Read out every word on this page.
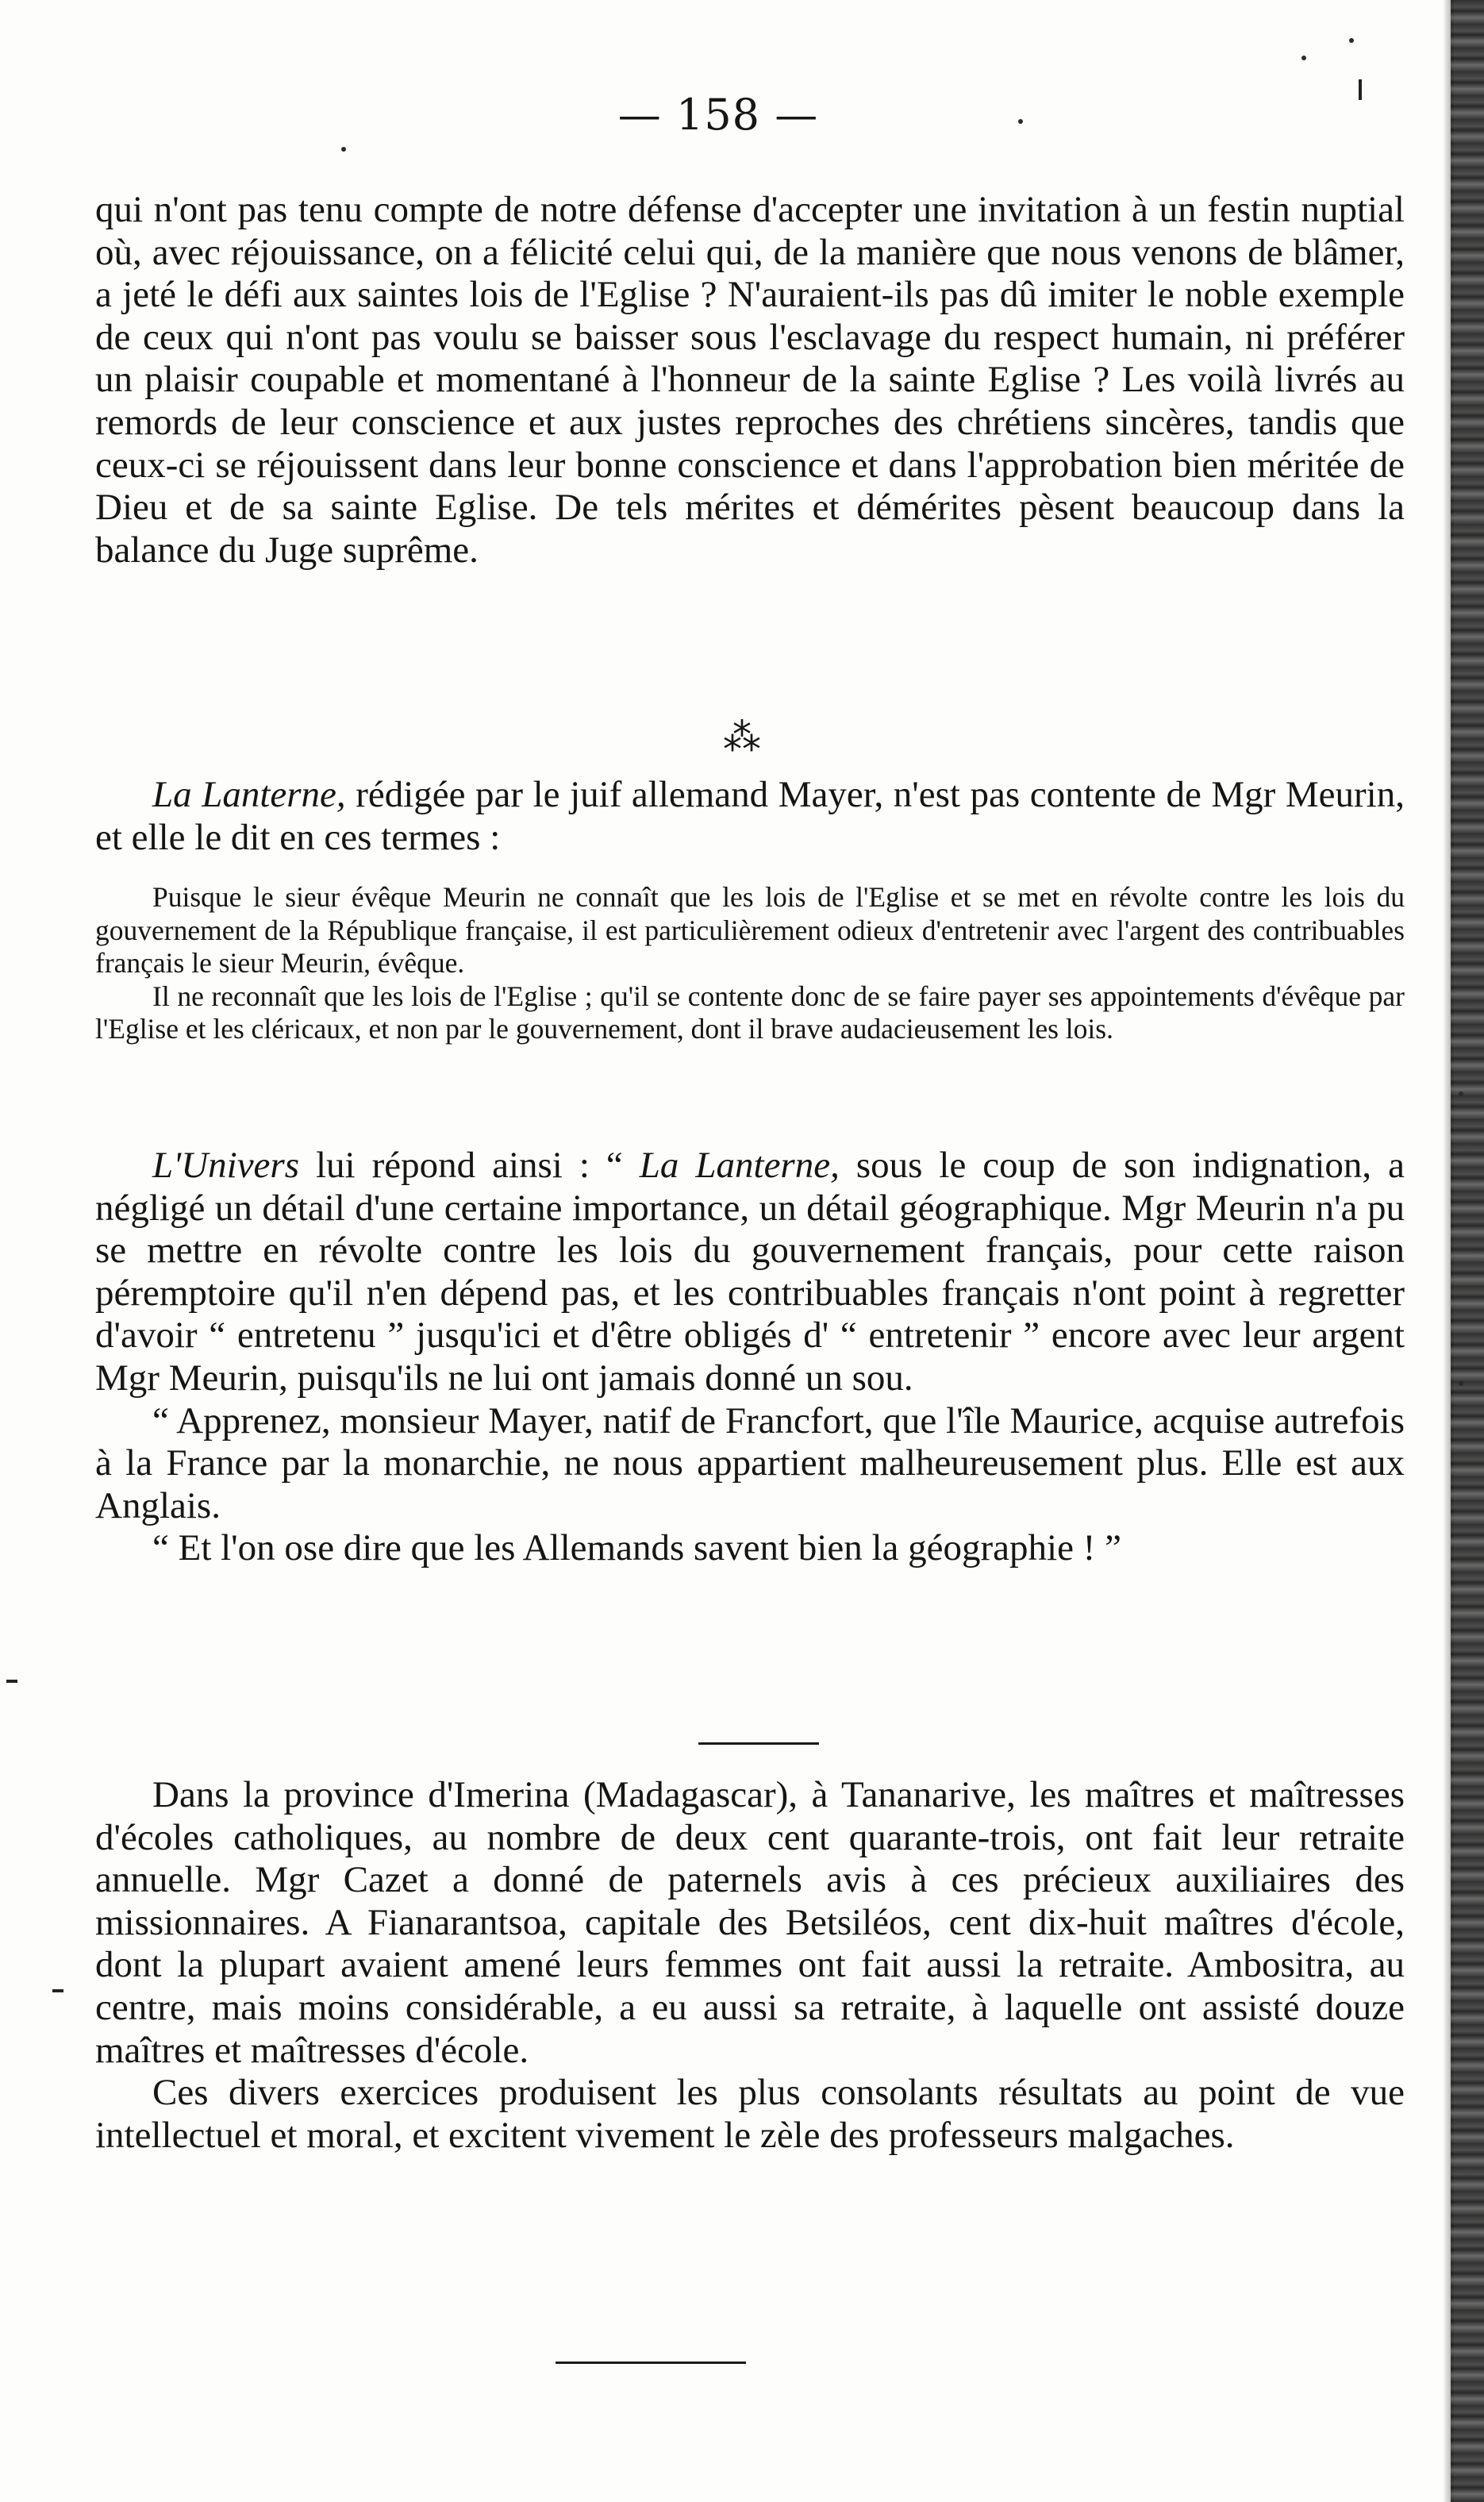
— 158 —

qui n'ont pas tenu compte de notre défense d'accepter une invitation à un festin nuptial où, avec réjouissance, on a félicité celui qui, de la manière que nous venons de blâmer, a jeté le défi aux saintes lois de l'Eglise ? N'auraient-ils pas dû imiter le noble exemple de ceux qui n'ont pas voulu se baisser sous l'esclavage du respect humain, ni préférer un plaisir coupable et momentané à l'honneur de la sainte Eglise ? Les voilà livrés au remords de leur conscience et aux justes reproches des chrétiens sincères, tandis que ceux-ci se réjouissent dans leur bonne conscience et dans l'approbation bien méritée de Dieu et de sa sainte Eglise. De tels mérites et démérites pèsent beaucoup dans la balance du Juge suprême.

⁂

La Lanterne, rédigée par le juif allemand Mayer, n'est pas contente de Mgr Meurin, et elle le dit en ces termes :

Puisque le sieur évêque Meurin ne connaît que les lois de l'Eglise et se met en révolte contre les lois du gouvernement de la République française, il est particulièrement odieux d'entretenir avec l'argent des contribuables français le sieur Meurin, évêque.

Il ne reconnaît que les lois de l'Eglise ; qu'il se contente donc de se faire payer ses appointements d'évêque par l'Eglise et les cléricaux, et non par le gouvernement, dont il brave audacieusement les lois.

L'Univers lui répond ainsi : “ La Lanterne, sous le coup de son indignation, a négligé un détail d'une certaine importance, un détail géographique. Mgr Meurin n'a pu se mettre en révolte contre les lois du gouvernement français, pour cette raison péremptoire qu'il n'en dépend pas, et les contribuables français n'ont point à regretter d'avoir “ entretenu ” jusqu'ici et d'être obligés d' “ entretenir ” encore avec leur argent Mgr Meurin, puisqu'ils ne lui ont jamais donné un sou.

“ Apprenez, monsieur Mayer, natif de Francfort, que l'île Maurice, acquise autrefois à la France par la monarchie, ne nous appartient malheureusement plus. Elle est aux Anglais.

“ Et l'on ose dire que les Allemands savent bien la géographie ! ”

Dans la province d'Imerina (Madagascar), à Tananarive, les maîtres et maîtresses d'écoles catholiques, au nombre de deux cent quarante-trois, ont fait leur retraite annuelle. Mgr Cazet a donné de paternels avis à ces précieux auxiliaires des missionnaires. A Fianarantsoa, capitale des Betsiléos, cent dix-huit maîtres d'école, dont la plupart avaient amené leurs femmes ont fait aussi la retraite. Ambositra, au centre, mais moins considérable, a eu aussi sa retraite, à laquelle ont assisté douze maîtres et maîtresses d'école.

Ces divers exercices produisent les plus consolants résultats au point de vue intellectuel et moral, et excitent vivement le zèle des professeurs malgaches.
